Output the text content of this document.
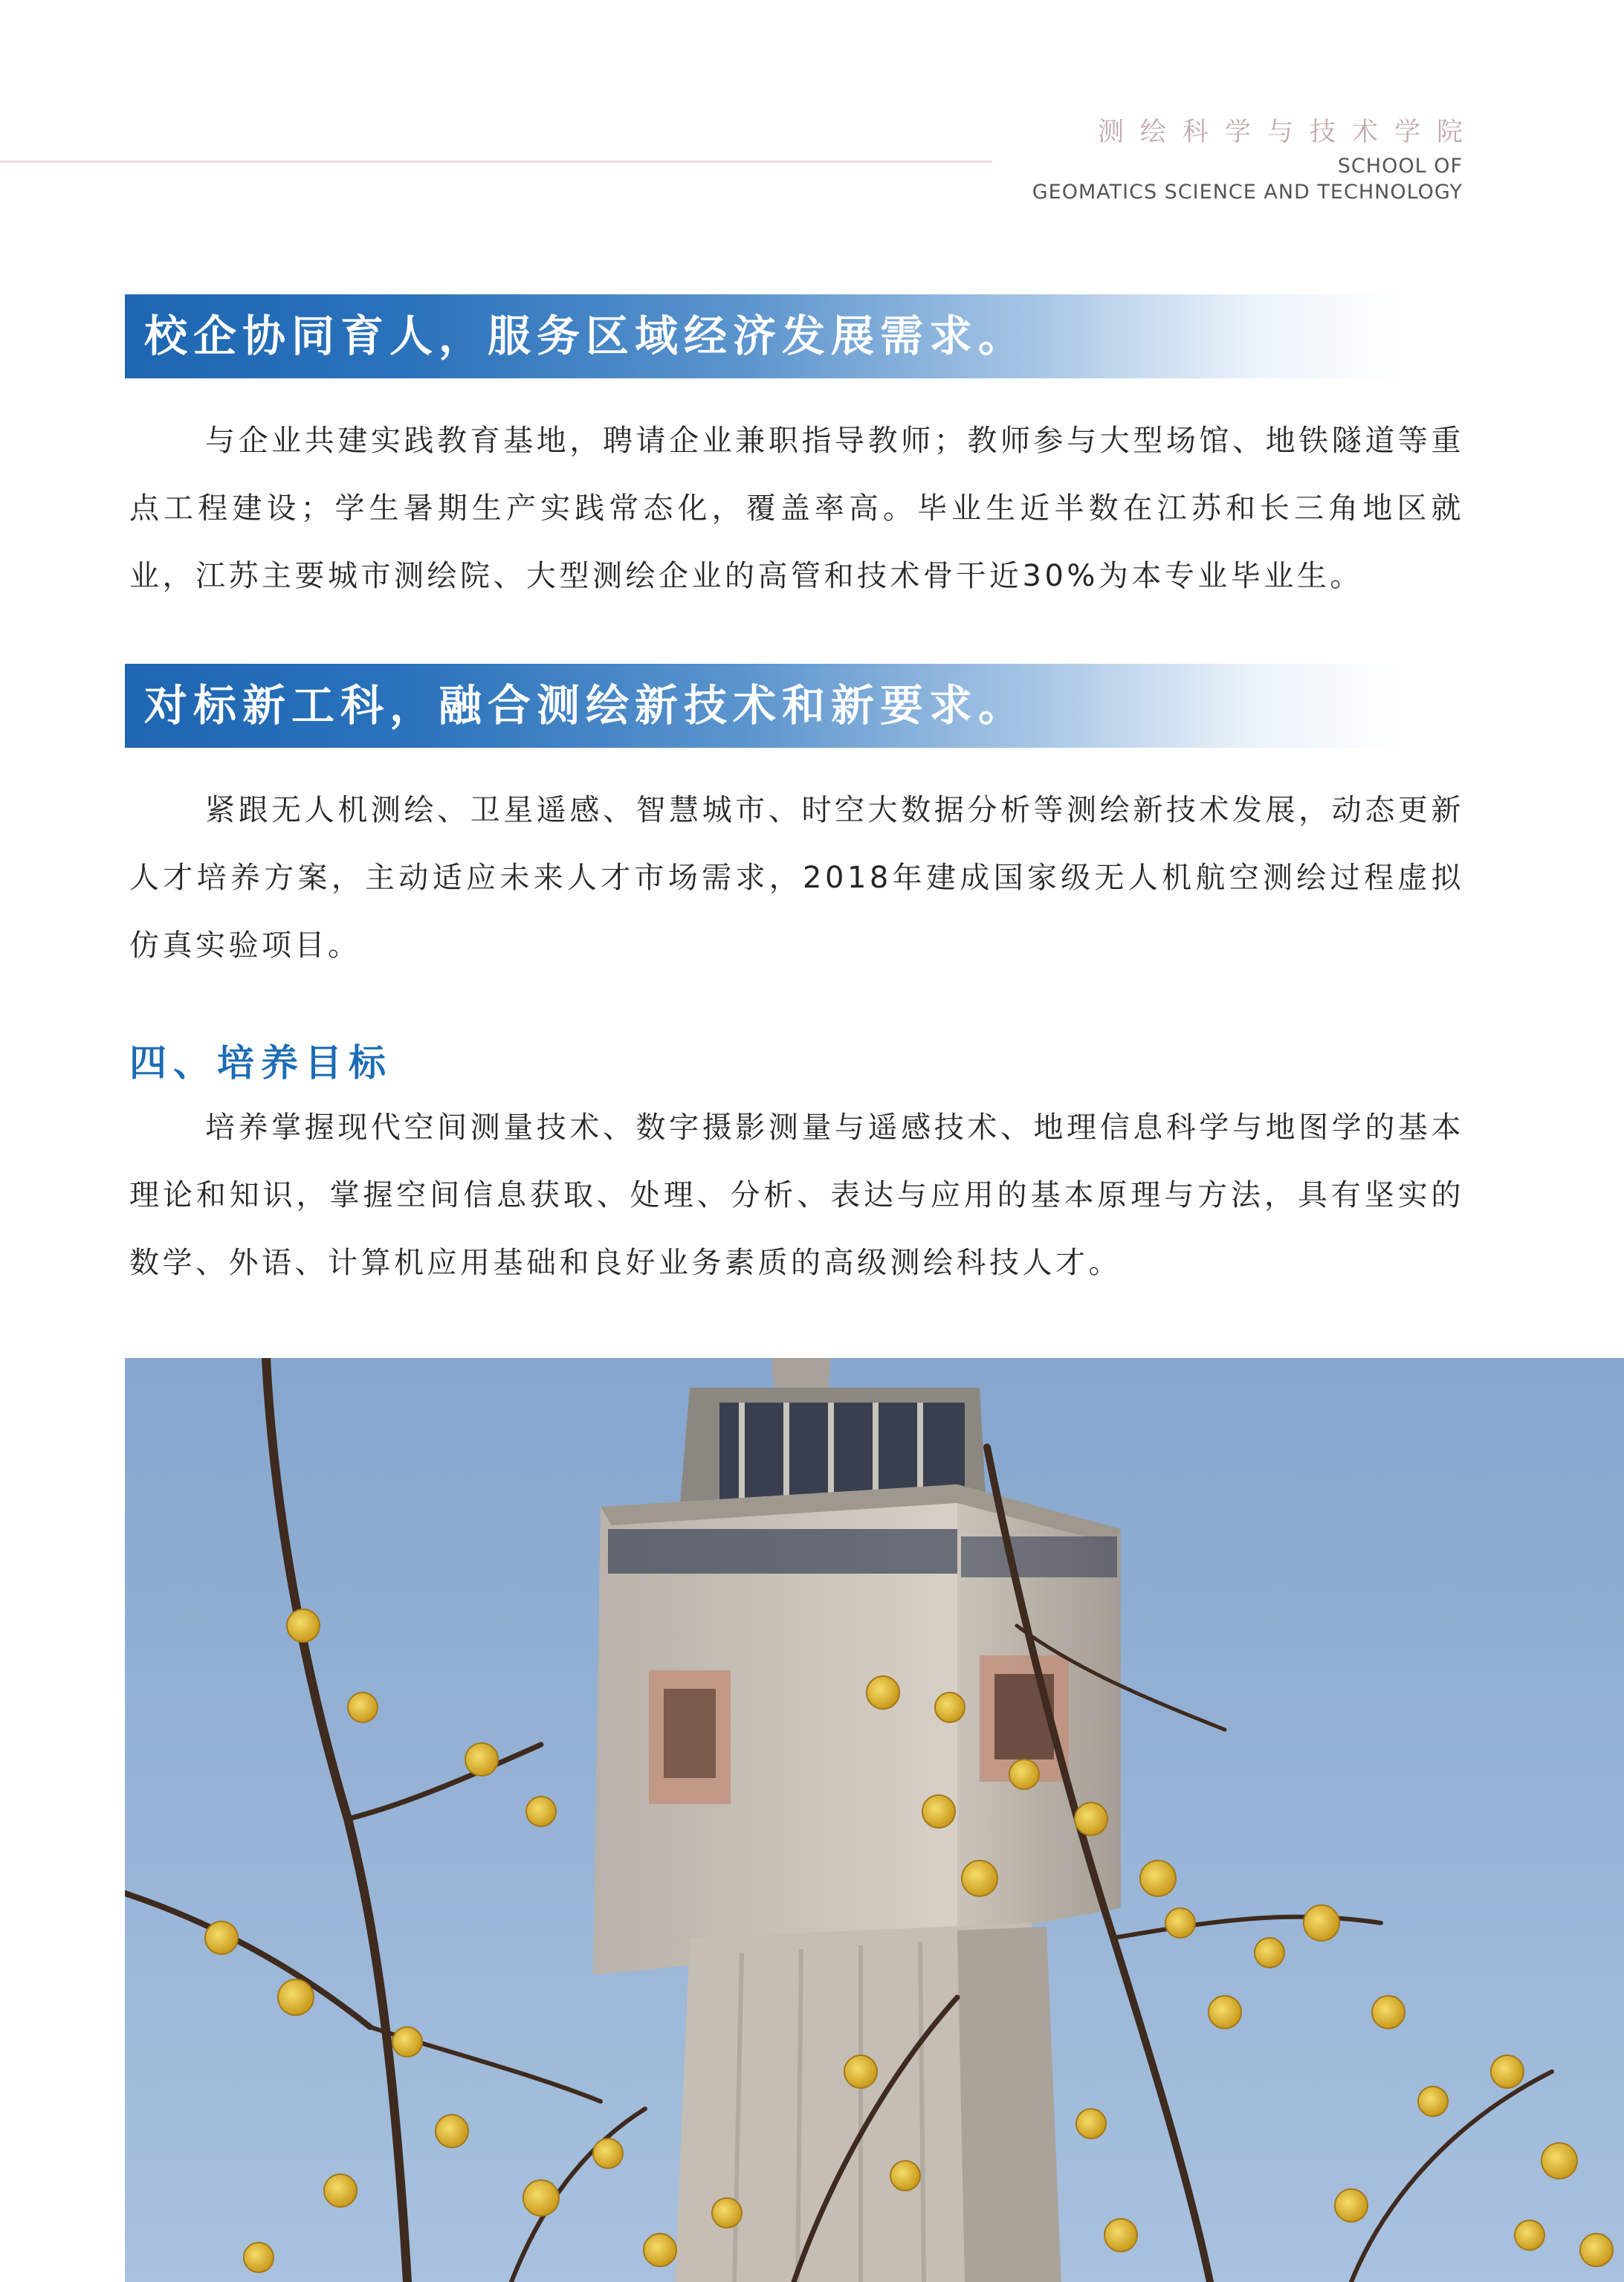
测绘科学与技术学院
SCHOOL OF
GEOMATICS SCIENCE AND TECHNOLOGY
校企协同育人，服务区域经济发展需求。
与企业共建实践教育基地，聘请企业兼职指导教师；教师参与大型场馆、地铁隧道等重点工程建设；学生暑期生产实践常态化，覆盖率高。毕业生近半数在江苏和长三角地区就业，江苏主要城市测绘院、大型测绘企业的高管和技术骨干近30%为本专业毕业生。
对标新工科，融合测绘新技术和新要求。
紧跟无人机测绘、卫星遥感、智慧城市、时空大数据分析等测绘新技术发展，动态更新人才培养方案，主动适应未来人才市场需求，2018年建成国家级无人机航空测绘过程虚拟仿真实验项目。
四、培养目标
培养掌握现代空间测量技术、数字摄影测量与遥感技术、地理信息科学与地图学的基本理论和知识，掌握空间信息获取、处理、分析、表达与应用的基本原理与方法，具有坚实的数学、外语、计算机应用基础和良好业务素质的高级测绘科技人才。
